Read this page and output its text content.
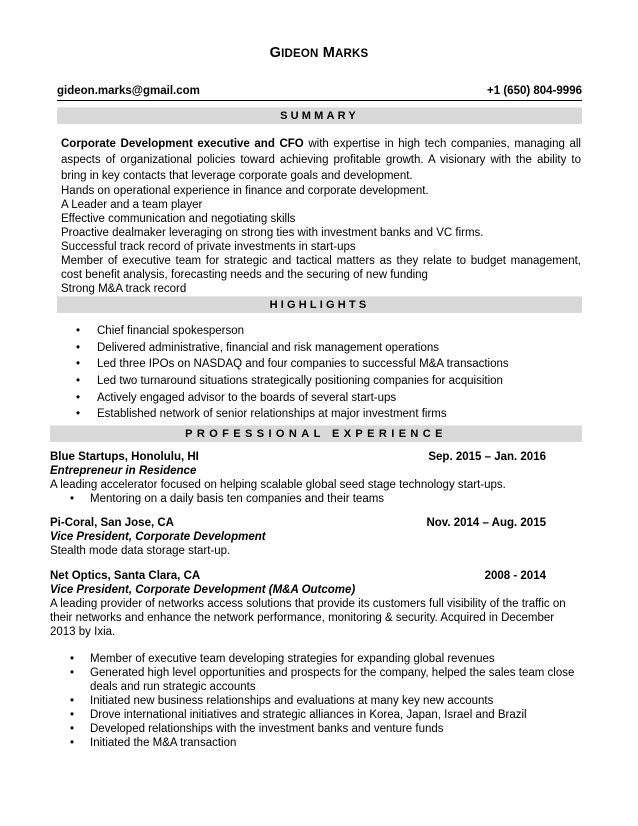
GIDEON MARKS
gideon.marks@gmail.com	+1 (650) 804-9996
SUMMARY
Corporate Development executive and CFO with expertise in high tech companies, managing all aspects of organizational policies toward achieving profitable growth. A visionary with the ability to bring in key contacts that leverage corporate goals and development.
Hands on operational experience in finance and corporate development.
A Leader and a team player
Effective communication and negotiating skills
Proactive dealmaker leveraging on strong ties with investment banks and VC firms.
Successful track record of private investments in start-ups
Member of executive team for strategic and tactical matters as they relate to budget management, cost benefit analysis, forecasting needs and the securing of new funding
Strong M&A track record
HIGHLIGHTS
• Chief financial spokesperson
• Delivered administrative, financial and risk management operations
• Led three IPOs on NASDAQ and four companies to successful M&A transactions
• Led two turnaround situations strategically positioning companies for acquisition
• Actively engaged advisor to the boards of several start-ups
• Established network of senior relationships at major investment firms
PROFESSIONAL EXPERIENCE
Blue Startups, Honolulu, HI	Sep. 2015 – Jan. 2016
Entrepreneur in Residence
A leading accelerator focused on helping scalable global seed stage technology start-ups.
• Mentoring on a daily basis ten companies and their teams
Pi-Coral, San Jose, CA	Nov. 2014 – Aug. 2015
Vice President, Corporate Development
Stealth mode data storage start-up.
Net Optics, Santa Clara, CA	2008 - 2014
Vice President, Corporate Development (M&A Outcome)
A leading provider of networks access solutions that provide its customers full visibility of the traffic on their networks and enhance the network performance, monitoring & security. Acquired in December 2013 by Ixia.
• Member of executive team developing strategies for expanding global revenues
• Generated high level opportunities and prospects for the company, helped the sales team close deals and run strategic accounts
• Initiated new business relationships and evaluations at many key new accounts
• Drove international initiatives and strategic alliances in Korea, Japan, Israel and Brazil
• Developed relationships with the investment banks and venture funds
• Initiated the M&A transaction
